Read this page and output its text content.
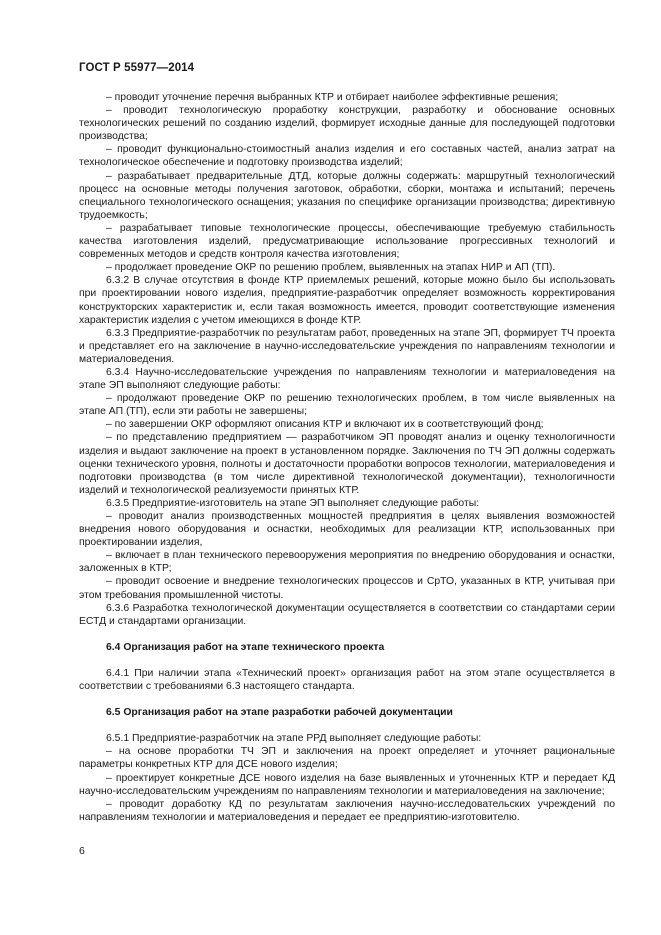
ГОСТ Р 55977—2014

– проводит уточнение перечня выбранных КТР и отбирает наиболее эффективные решения;

– проводит технологическую проработку конструкции, разработку и обоснование основных технологических решений по созданию изделий, формирует исходные данные для последующей подготовки производства;

– проводит функционально-стоимостный анализ изделия и его составных частей, анализ затрат на технологическое обеспечение и подготовку производства изделий;

– разрабатывает предварительные ДТД, которые должны содержать: маршрутный технологический процесс на основные методы получения заготовок, обработки, сборки, монтажа и испытаний; перечень специального технологического оснащения; указания по специфике организации производства; директивную трудоемкость;

– разрабатывает типовые технологические процессы, обеспечивающие требуемую стабильность качества изготовления изделий, предусматривающие использование прогрессивных технологий и современных методов и средств контроля качества изготовления;

– продолжает проведение ОКР по решению проблем, выявленных на этапах НИР и АП (ТП).

6.3.2 В случае отсутствия в фонде КТР приемлемых решений, которые можно было бы использовать при проектировании нового изделия, предприятие-разработчик определяет возможность корректирования конструкторских характеристик и, если такая возможность имеется, проводит соответствующие изменения характеристик изделия с учетом имеющихся в фонде КТР.

6.3.3 Предприятие-разработчик по результатам работ, проведенных на этапе ЭП, формирует ТЧ проекта и представляет его на заключение в научно-исследовательские учреждения по направлениям технологии и материаловедения.

6.3.4 Научно-исследовательские учреждения по направлениям технологии и материаловедения на этапе ЭП выполняют следующие работы:

– продолжают проведение ОКР по решению технологических проблем, в том числе выявленных на этапе АП (ТП), если эти работы не завершены;

– по завершении ОКР оформляют описания КТР и включают их в соответствующий фонд;

– по представлению предприятием — разработчиком ЭП проводят анализ и оценку технологичности изделия и выдают заключение на проект в установленном порядке. Заключения по ТЧ ЭП должны содержать оценки технического уровня, полноты и достаточности проработки вопросов технологии, материаловедения и подготовки производства (в том числе директивной технологической документации), технологичности изделий и технологической реализуемости принятых КТР.

6.3.5 Предприятие-изготовитель на этапе ЭП выполняет следующие работы:

– проводит анализ производственных мощностей предприятия в целях выявления возможностей внедрения нового оборудования и оснастки, необходимых для реализации КТР, использованных при проектировании изделия,

– включает в план технического перевооружения мероприятия по внедрению оборудования и оснастки, заложенных в КТР;

– проводит освоение и внедрение технологических процессов и СрТО, указанных в КТР, учитывая при этом требования промышленной чистоты.

6.3.6 Разработка технологической документации осуществляется в соответствии со стандартами серии ЕСТД и стандартами организации.

6.4 Организация работ на этапе технического проекта

6.4.1 При наличии этапа «Технический проект» организация работ на этом этапе осуществляется в соответствии с требованиями 6.3 настоящего стандарта.

6.5 Организация работ на этапе разработки рабочей документации

6.5.1 Предприятие-разработчик на этапе РРД выполняет следующие работы:

– на основе проработки ТЧ ЭП и заключения на проект определяет и уточняет рациональные параметры конкретных КТР для ДСЕ нового изделия;

– проектирует конкретные ДСЕ нового изделия на базе выявленных и уточненных КТР и передает КД научно-исследовательским учреждениям по направлениям технологии и материаловедения на заключение;

– проводит доработку КД по результатам заключения научно-исследовательских учреждений по направлениям технологии и материаловедения и передает ее предприятию-изготовителю.

6
